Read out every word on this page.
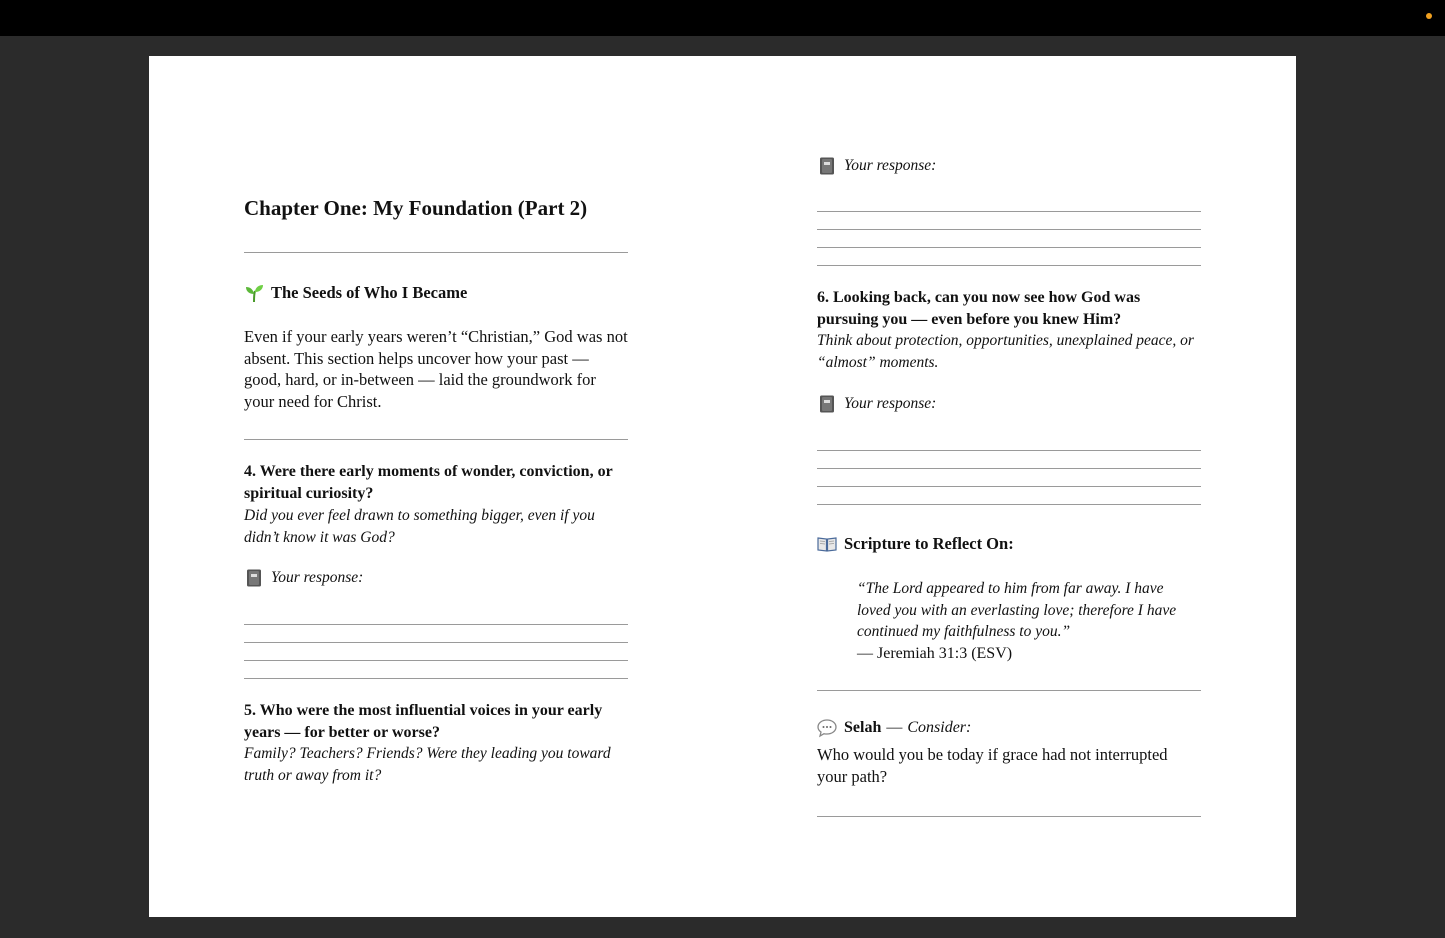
Chapter One: My Foundation (Part 2)
The Seeds of Who I Became

Even if your early years weren’t “Christian,” God was not absent. This section helps uncover how your past — good, hard, or in-between — laid the groundwork for your need for Christ.

4. Were there early moments of wonder, conviction, or spiritual curiosity?

Did you ever feel drawn to something bigger, even if you didn’t know it was God?

Your response:

5. Who were the most influential voices in your early years — for better or worse?

Family? Teachers? Friends? Were they leading you toward truth or away from it?

Your response:

6. Looking back, can you now see how God was pursuing you — even before you knew Him?

Think about protection, opportunities, unexplained peace, or “almost” moments.

Your response:
Scripture to Reflect On:
“The Lord appeared to him from far away. I have loved you with an everlasting love; therefore I have continued my faithfulness to you.”
— Jeremiah 31:3 (ESV)
Selah — Consider:

Who would you be today if grace had not interrupted your path?
